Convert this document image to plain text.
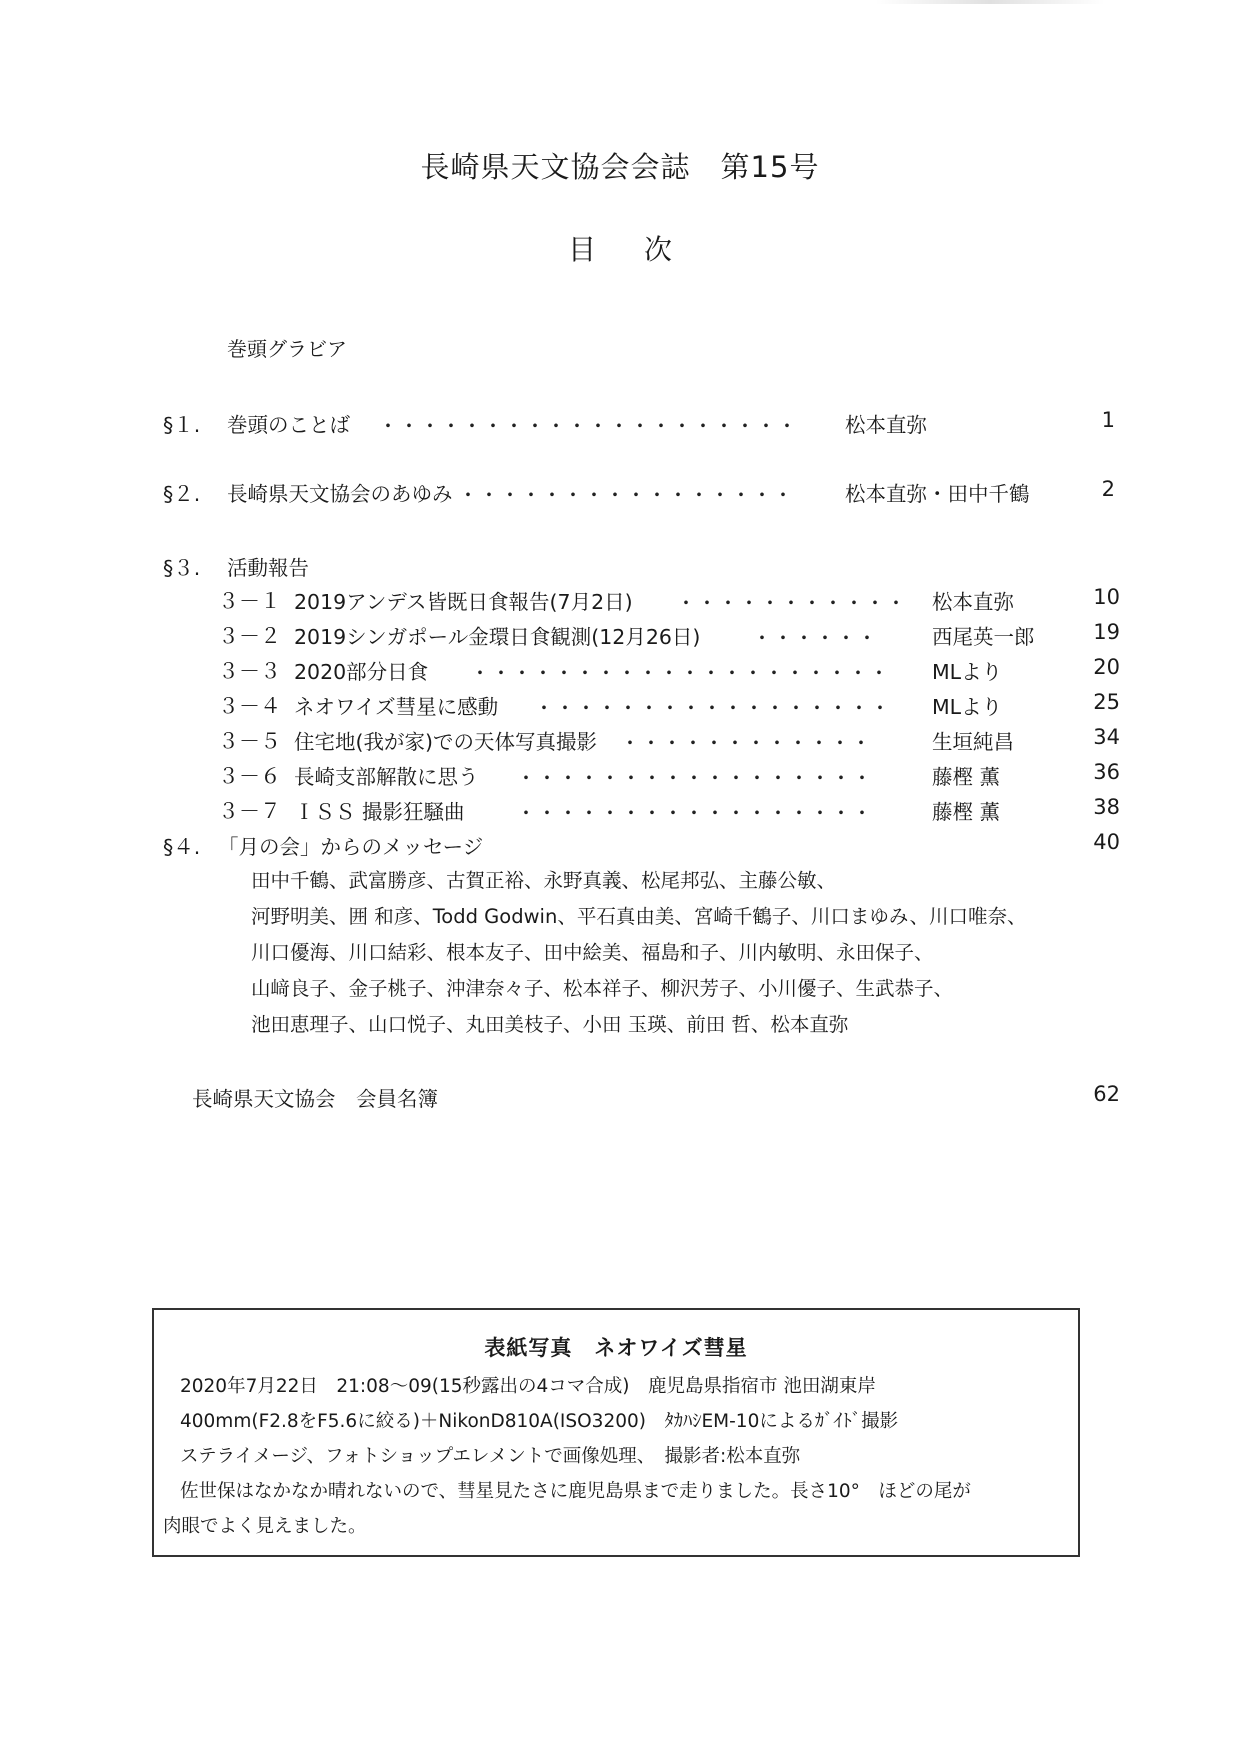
長崎県天文協会会誌　第15号
目次
巻頭グラビア
§１. 巻頭のことば ・・・・・・・・・・・・・・・・・・・・ 松本直弥	1
§２. 長崎県天文協会のあゆみ ・・・・・・・・・・・・・・・・ 松本直弥・田中千鶴	2
§３. 活動報告
３－１ 2019アンデス皆既日食報告(7月2日) ・・・・・・・・・・・ 松本直弥	10
３－２ 2019シンガポール金環日食観測(12月26日)	・・・・・・	西尾英一郎	19
３－３ 2020部分日食 ・・・・・・・・・・・・・・・・・・・・ MLより	20
３－４ ネオワイズ彗星に感動 ・・・・・・・・・・・・・・・・・ MLより	25
３－５ 住宅地(我が家)での天体写真撮影 ・・・・・・・・・・・・	生垣純昌	34
３－６ 長崎支部解散に思う ・・・・・・・・・・・・・・・・・	藤樫 薫	36
３－７ ＩＳＳ 撮影狂騒曲	・・・・・・・・・・・・・・・・・	藤樫 薫	38
§４. 「月の会」からのメッセージ	40
田中千鶴、武富勝彦、古賀正裕、永野真義、松尾邦弘、主藤公敏、
河野明美、囲 和彦、Todd Godwin、平石真由美、宮崎千鶴子、川口まゆみ、川口唯奈、
川口優海、川口結彩、根本友子、田中絵美、福島和子、川内敏明、永田保子、
山﨑良子、金子桃子、沖津奈々子、松本祥子、柳沢芳子、小川優子、生武恭子、
池田恵理子、山口悦子、丸田美枝子、小田 玉瑛、前田 哲、松本直弥
長崎県天文協会　会員名簿	62
表紙写真　ネオワイズ彗星
2020年7月22日　21:08～09(15秒露出の4コマ合成)　鹿児島県指宿市 池田湖東岸
400mm(F2.8をF5.6に絞る)＋NikonD810A(ISO3200)　ﾀｶﾊｼEM-10によるｶﾞｲﾄﾞ撮影
ステライメージ、フォトショップエレメントで画像処理、　撮影者:松本直弥
佐世保はなかなか晴れないので、彗星見たさに鹿児島県まで走りました。長さ10°　ほどの尾が
肉眼でよく見えました。
